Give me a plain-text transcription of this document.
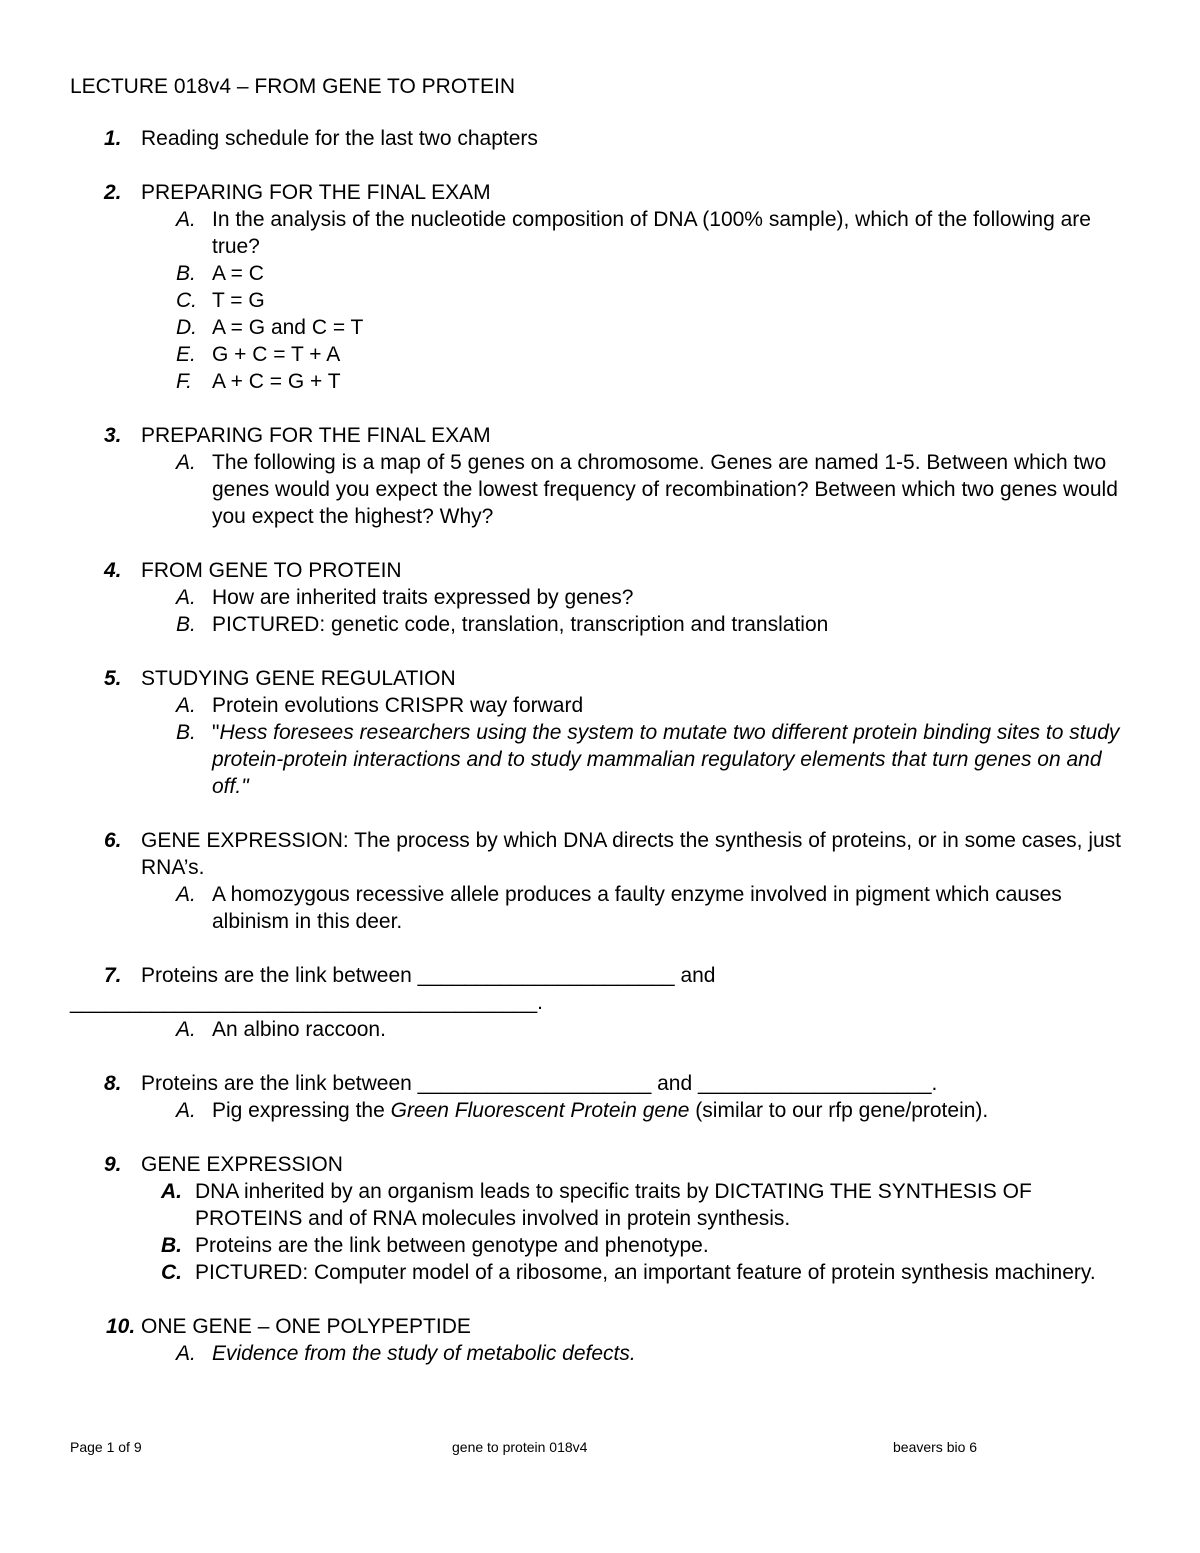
LECTURE 018v4 – FROM GENE TO PROTEIN
1. Reading schedule for the last two chapters
2. PREPARING FOR THE FINAL EXAM
A. In the analysis of the nucleotide composition of DNA (100% sample), which of the following are true?
B. A = C
C. T = G
D. A = G and C = T
E. G + C = T + A
F. A + C = G + T
3. PREPARING FOR THE FINAL EXAM
A. The following is a map of 5 genes on a chromosome. Genes are named 1-5. Between which two genes would you expect the lowest frequency of recombination? Between which two genes would you expect the highest? Why?
4. FROM GENE TO PROTEIN
A. How are inherited traits expressed by genes?
B. PICTURED: genetic code, translation, transcription and translation
5. STUDYING GENE REGULATION
A. Protein evolutions CRISPR way forward
B. "Hess foresees researchers using the system to mutate two different protein binding sites to study protein-protein interactions and to study mammalian regulatory elements that turn genes on and off."
6. GENE EXPRESSION: The process by which DNA directs the synthesis of proteins, or in some cases, just RNA’s.
A. A homozygous recessive allele produces a faulty enzyme involved in pigment which causes albinism in this deer.
7. Proteins are the link between ______________________ and ________________________________________.
A. An albino raccoon.
8. Proteins are the link between ____________________ and ____________________.
A. Pig expressing the Green Fluorescent Protein gene (similar to our rfp gene/protein).
9. GENE EXPRESSION
A. DNA inherited by an organism leads to specific traits by DICTATING THE SYNTHESIS OF PROTEINS and of RNA molecules involved in protein synthesis.
B. Proteins are the link between genotype and phenotype.
C. PICTURED: Computer model of a ribosome, an important feature of protein synthesis machinery.
10. ONE GENE – ONE POLYPEPTIDE
A. Evidence from the study of metabolic defects.
Page 1 of 9	gene to protein 018v4	beavers bio 6
